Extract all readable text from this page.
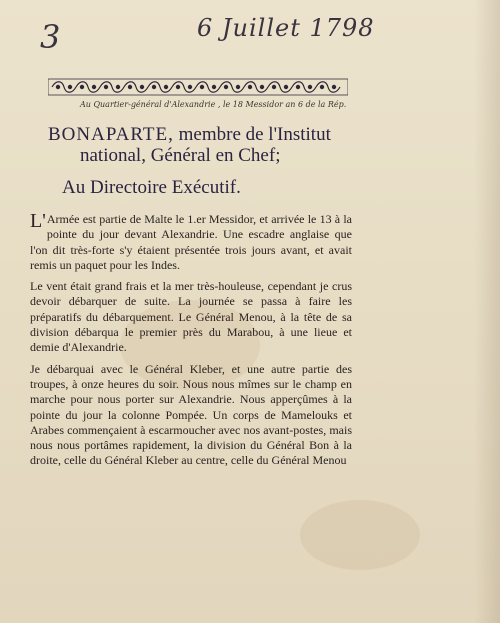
3	6 Juillet 1798
Au Quartier-général d'Alexandrie , le 18 Messidor an 6 de la Rép.
BONAPARTE, membre de l'Institut
national, Général en Chef;
Au Directoire Exécutif.

L'Armée est partie de Malte le 1.er Messidor, et arrivée le 13 à la pointe du jour devant Alexandrie. Une escadre anglaise que l'on dit très-forte s'y étaient présentée trois jours avant, et avait remis un paquet pour les Indes.

Le vent était grand frais et la mer très-houleuse, cependant je crus devoir débarquer de suite. La journée se passa à faire les préparatifs du débarquement. Le Général Menou, à la tête de sa division débarqua le premier près du Marabou, à une lieue et demie d'Alexandrie.

Je débarquai avec le Général Kleber, et une autre partie des troupes, à onze heures du soir. Nous nous mîmes sur le champ en marche pour nous porter sur Alexandrie. Nous apperçûmes à la pointe du jour la colonne Pompée. Un corps de Mamelouks et Arabes commençaient à escarmoucher avec nos avant-postes, mais nous nous portâmes rapidement, la division du Général Bon à la droite, celle du Général Kleber au centre, celle du Général Menou
